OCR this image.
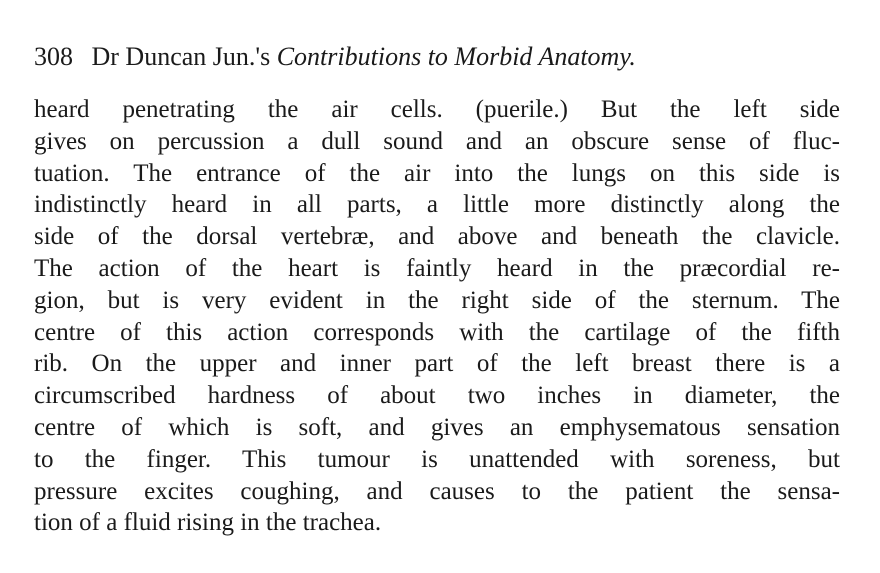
308 Dr Duncan Jun.'s Contributions to Morbid Anatomy.
heard penetrating the air cells. (puerile.) But the left side
gives on percussion a dull sound and an obscure sense of fluc-
tuation. The entrance of the air into the lungs on this side is
indistinctly heard in all parts, a little more distinctly along the
side of the dorsal vertebræ, and above and beneath the clavicle.
The action of the heart is faintly heard in the præcordial re-
gion, but is very evident in the right side of the sternum. The
centre of this action corresponds with the cartilage of the fifth
rib. On the upper and inner part of the left breast there is a
circumscribed hardness of about two inches in diameter, the
centre of which is soft, and gives an emphysematous sensation
to the finger. This tumour is unattended with soreness, but
pressure excites coughing, and causes to the patient the sensa-
tion of a fluid rising in the trachea.
